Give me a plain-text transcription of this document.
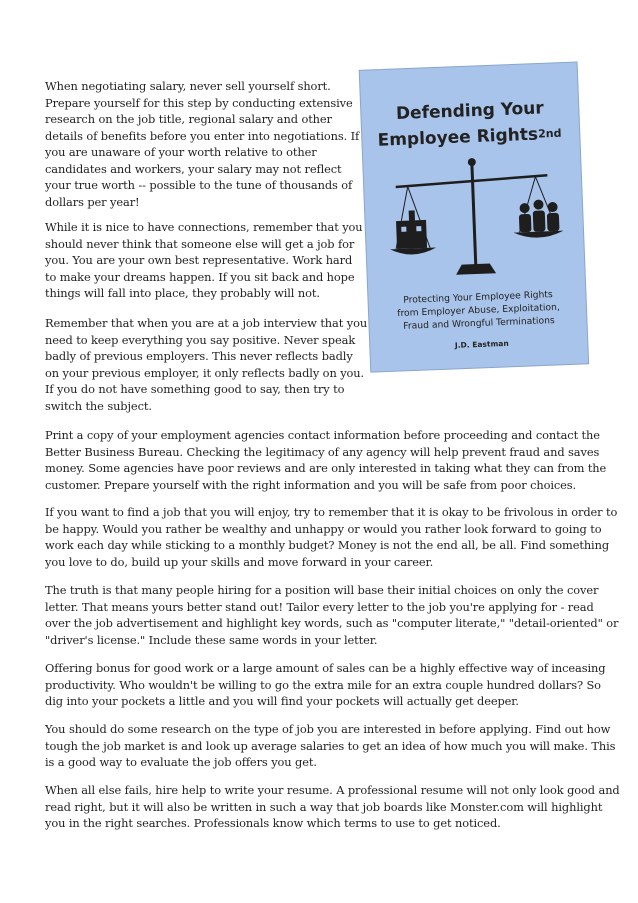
When negotiating salary, never sell yourself short.
Prepare yourself for this step by conducting extensive
research on the job title, regional salary and other
details of benefits before you enter into negotiations. If
you are unaware of your worth relative to other
candidates and workers, your salary may not reflect
your true worth -- possible to the tune of thousands of
dollars per year!
While it is nice to have connections, remember that you
should never think that someone else will get a job for
you. You are your own best representative. Work hard
to make your dreams happen. If you sit back and hope
things will fall into place, they probably will not.
Remember that when you are at a job interview that you
need to keep everything you say positive. Never speak
badly of previous employers. This never reflects badly
on your previous employer, it only reflects badly on you.
If you do not have something good to say, then try to
switch the subject.
Print a copy of your employment agencies contact information before proceeding and contact the
Better Business Bureau. Checking the legitimacy of any agency will help prevent fraud and saves
money. Some agencies have poor reviews and are only interested in taking what they can from the
customer. Prepare yourself with the right information and you will be safe from poor choices.
If you want to find a job that you will enjoy, try to remember that it is okay to be frivolous in order to
be happy. Would you rather be wealthy and unhappy or would you rather look forward to going to
work each day while sticking to a monthly budget? Money is not the end all, be all. Find something
you love to do, build up your skills and move forward in your career.
The truth is that many people hiring for a position will base their initial choices on only the cover
letter. That means yours better stand out! Tailor every letter to the job you're applying for - read
over the job advertisement and highlight key words, such as "computer literate," "detail-oriented" or
"driver's license." Include these same words in your letter.
Offering bonus for good work or a large amount of sales can be a highly effective way of inceasing
productivity. Who wouldn't be willing to go the extra mile for an extra couple hundred dollars? So
dig into your pockets a little and you will find your pockets will actually get deeper.
You should do some research on the type of job you are interested in before applying. Find out how
tough the job market is and look up average salaries to get an idea of how much you will make. This
is a good way to evaluate the job offers you get.
When all else fails, hire help to write your resume. A professional resume will not only look good and
read right, but it will also be written in such a way that job boards like Monster.com will highlight
you in the right searches. Professionals know which terms to use to get noticed.
Defending Your
Employee Rights 2nd
Protecting Your Employee Rights
from Employer Abuse, Exploitation,
Fraud and Wrongful Terminations
J.D. Eastman
